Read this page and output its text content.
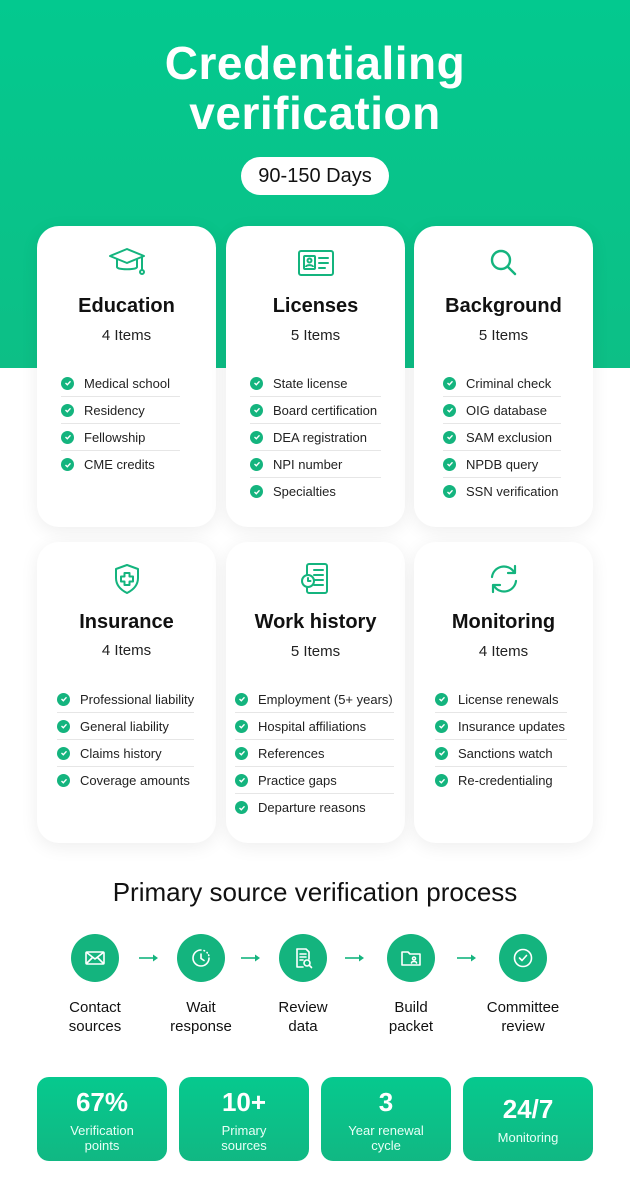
Credentialing
verification
90-150 Days
Education
4 Items
Medical school
Residency
Fellowship
CME credits
Licenses
5 Items
State license
Board certification
DEA registration
NPI number
Specialties
Background
5 Items
Criminal check
OIG database
SAM exclusion
NPDB query
SSN verification
Insurance
4 Items
Professional liability
General liability
Claims history
Coverage amounts
Work history
5 Items
Employment (5+ years)
Hospital affiliations
References
Practice gaps
Departure reasons
Monitoring
4 Items
License renewals
Insurance updates
Sanctions watch
Re-credentialing
Primary source verification process
Contact
sources
Wait
response
Review
data
Build
packet
Committee
review
67%
Verification
points
10+
Primary
sources
3
Year renewal
cycle
24/7
Monitoring
